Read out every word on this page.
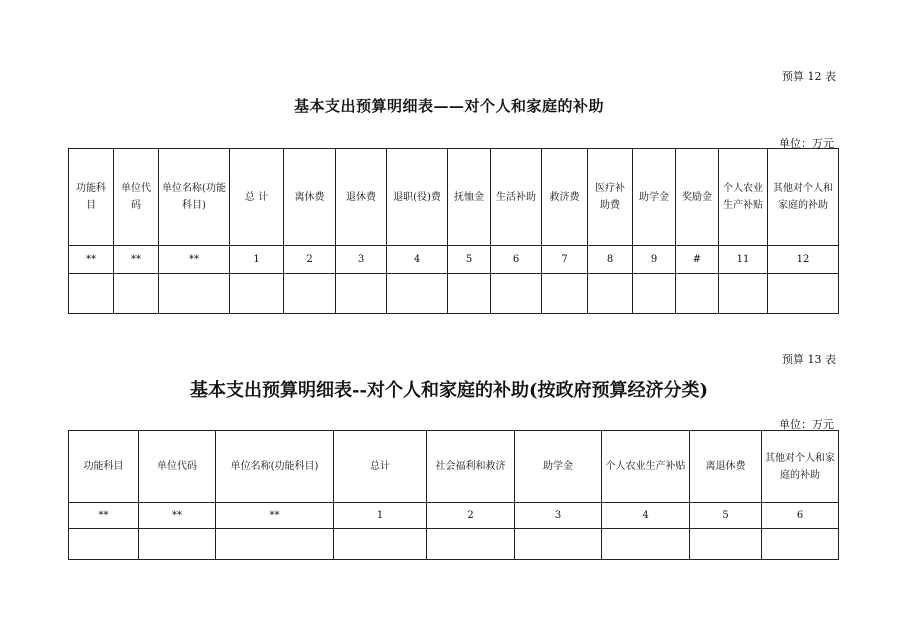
预算 12 表
基本支出预算明细表——对个人和家庭的补助
单位：万元
功能科目	单位代码	单位名称(功能科目)	总 计	离休费	退休费	退职(役)费	抚恤金	生活补助	救济费	医疗补助费	助学金	奖励金	个人农业生产补贴	其他对个人和家庭的补助
**	**	**	1	2	3	4	5	6	7	8	9	#	11	12

预算 13 表
基本支出预算明细表--对个人和家庭的补助(按政府预算经济分类)
单位：万元
功能科目	单位代码	单位名称(功能科目)	总计	社会福利和救济	助学金	个人农业生产补贴	离退休费	其他对个人和家庭的补助
**	**	**	1	2	3	4	5	6
